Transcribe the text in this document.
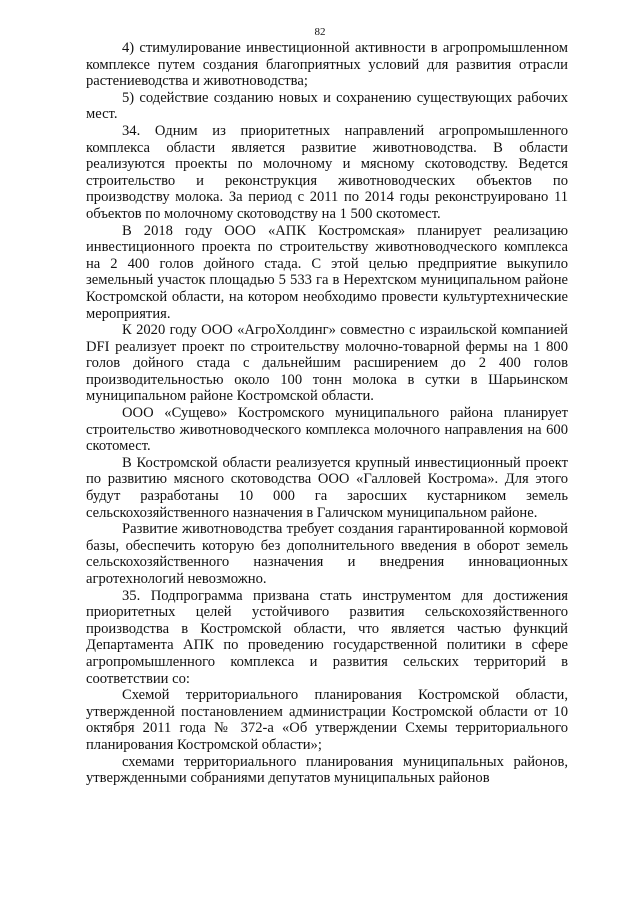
82

4) стимулирование инвестиционной активности в агропромышленном комплексе путем создания благоприятных условий для развития отрасли растениеводства и животноводства;

5) содействие созданию новых и сохранению существующих рабочих мест.

34. Одним из приоритетных направлений агропромышленного комплекса области является развитие животноводства. В области реализуются проекты по молочному и мясному скотоводству. Ведется строительство и реконструкция животноводческих объектов по производству молока. За период с 2011 по 2014 годы реконструировано 11 объектов по молочному скотоводству на 1 500 скотомест.

В 2018 году ООО «АПК Костромская» планирует реализацию инвестиционного проекта по строительству животноводческого комплекса на 2 400 голов дойного стада. С этой целью предприятие выкупило земельный участок площадью 5 533 га в Нерехтском муниципальном районе Костромской области, на котором необходимо провести культуртехнические мероприятия.

К 2020 году ООО «АгроХолдинг» совместно с израильской компанией DFI реализует проект по строительству молочно-товарной фермы на 1 800 голов дойного стада с дальнейшим расширением до 2 400 голов производительностью около 100 тонн молока в сутки в Шарьинском муниципальном районе Костромской области.

ООО «Сущево» Костромского муниципального района планирует строительство животноводческого комплекса молочного направления на 600 скотомест.

В Костромской области реализуется крупный инвестиционный проект по развитию мясного скотоводства ООО «Галловей Кострома». Для этого будут разработаны 10 000 га заросших кустарником земель сельскохозяйственного назначения в Галичском муниципальном районе.

Развитие животноводства требует создания гарантированной кормовой базы, обеспечить которую без дополнительного введения в оборот земель сельскохозяйственного назначения и внедрения инновационных агротехнологий невозможно.

35. Подпрограмма призвана стать инструментом для достижения приоритетных целей устойчивого развития сельскохозяйственного производства в Костромской области, что является частью функций Департамента АПК по проведению государственной политики в сфере агропромышленного комплекса и развития сельских территорий в соответствии со:

Схемой территориального планирования Костромской области, утвержденной постановлением администрации Костромской области от 10 октября 2011 года № 372-а «Об утверждении Схемы территориального планирования Костромской области»;

схемами территориального планирования муниципальных районов, утвержденными собраниями депутатов муниципальных районов
